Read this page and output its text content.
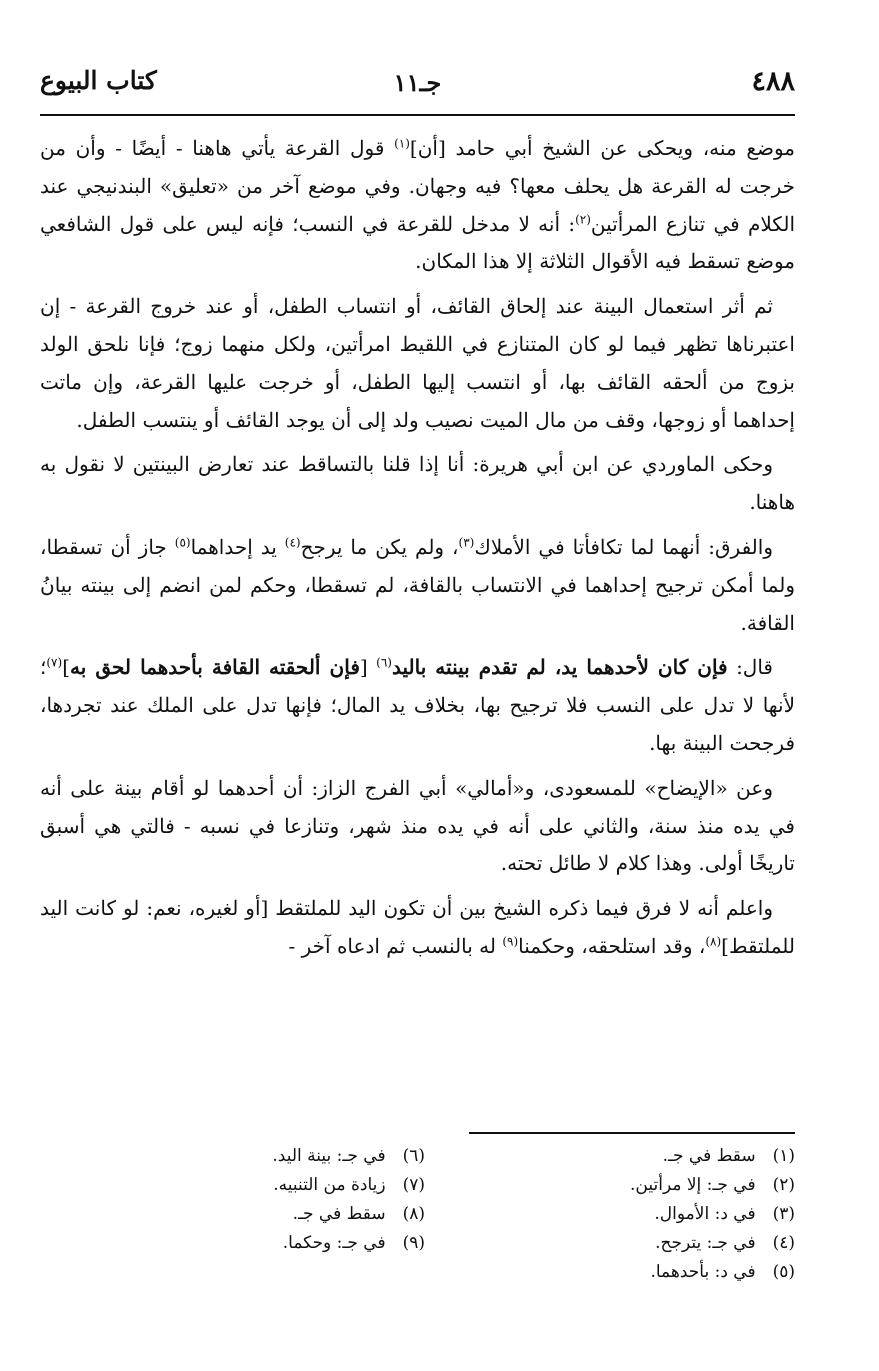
٤٨٨
جـ١١
كتاب البيوع

موضع منه، ويحكى عن الشيخ أبي حامد [أن]$^{(١)}$ قول القرعة يأتي هاهنا - أيضًا - وأن من خرجت له القرعة هل يحلف معها؟ فيه وجهان. وفي موضع آخر من «تعليق» البندنيجي عند الكلام في تنازع المرأتين$^{(٢)}$: أنه لا مدخل للقرعة في النسب؛ فإنه ليس على قول الشافعي موضع تسقط فيه الأقوال الثلاثة إلا هذا المكان.

ثم أثر استعمال البينة عند إلحاق القائف، أو انتساب الطفل، أو عند خروج القرعة - إن اعتبرناها تظهر فيما لو كان المتنازع في اللقيط امرأتين، ولكل منهما زوج؛ فإنا نلحق الولد بزوج من ألحقه القائف بها، أو انتسب إليها الطفل، أو خرجت عليها القرعة، وإن ماتت إحداهما أو زوجها، وقف من مال الميت نصيب ولد إلى أن يوجد القائف أو ينتسب الطفل.

وحكى الماوردي عن ابن أبي هريرة: أنا إذا قلنا بالتساقط عند تعارض البينتين لا نقول به هاهنا.

والفرق: أنهما لما تكافأتا في الأملاك$^{(٣)}$، ولم يكن ما يرجح$^{(٤)}$ يد إحداهما$^{(٥)}$ جاز أن تسقطا، ولما أمكن ترجيح إحداهما في الانتساب بالقافة، لم تسقطا، وحكم لمن انضم إلى بينته بيانُ القافة.

قال: فإن كان لأحدهما يد، لم تقدم بينته باليد$^{(٦)}$ [فإن ألحقته القافة بأحدهما لحق به]$^{(٧)}$؛ لأنها لا تدل على النسب فلا ترجيح بها، بخلاف يد المال؛ فإنها تدل على الملك عند تجردها، فرجحت البينة بها.

وعن «الإيضاح» للمسعودى، و«أمالي» أبي الفرج الزاز: أن أحدهما لو أقام بينة على أنه في يده منذ سنة، والثاني على أنه في يده منذ شهر، وتنازعا في نسبه - فالتي هي أسبق تاريخًا أولى. وهذا كلام لا طائل تحته.

واعلم أنه لا فرق فيما ذكره الشيخ بين أن تكون اليد للملتقط [أو لغيره، نعم: لو كانت اليد للملتقط]$^{(٨)}$، وقد استلحقه، وحكمنا$^{(٩)}$ له بالنسب ثم ادعاه آخر -

(١) سقط في جـ.
(٢) في جـ: إلا مرأتين.
(٣) في د: الأموال.
(٤) في جـ: يترجح.
(٥) في د: بأحدهما.
(٦) في جـ: بينة اليد.
(٧) زيادة من التنبيه.
(٨) سقط في جـ.
(٩) في جـ: وحكما.
